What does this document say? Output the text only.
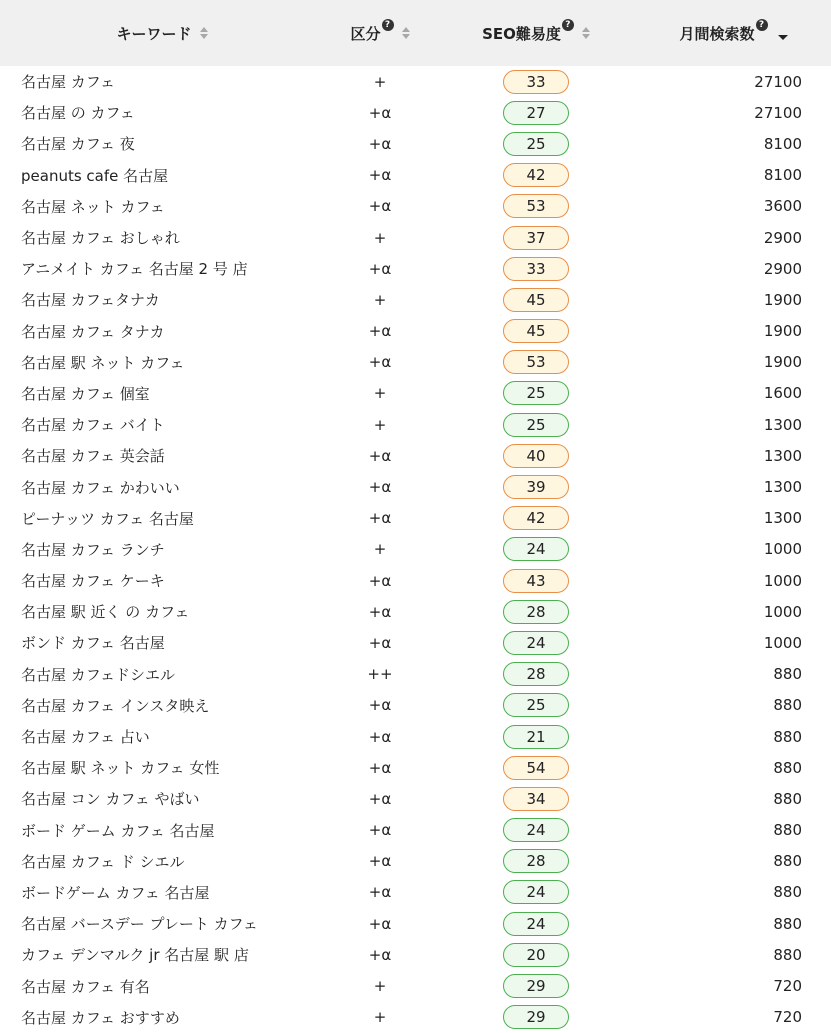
キーワード	区分 ?	SEO難易度 ?	月間検索数 ?
名古屋 カフェ	+	33	27100
名古屋 の カフェ	+α	27	27100
名古屋 カフェ 夜	+α	25	8100
peanuts cafe 名古屋	+α	42	8100
名古屋 ネット カフェ	+α	53	3600
名古屋 カフェ おしゃれ	+	37	2900
アニメイト カフェ 名古屋 2 号 店	+α	33	2900
名古屋 カフェタナカ	+	45	1900
名古屋 カフェ タナカ	+α	45	1900
名古屋 駅 ネット カフェ	+α	53	1900
名古屋 カフェ 個室	+	25	1600
名古屋 カフェ バイト	+	25	1300
名古屋 カフェ 英会話	+α	40	1300
名古屋 カフェ かわいい	+α	39	1300
ピーナッツ カフェ 名古屋	+α	42	1300
名古屋 カフェ ランチ	+	24	1000
名古屋 カフェ ケーキ	+α	43	1000
名古屋 駅 近く の カフェ	+α	28	1000
ボンド カフェ 名古屋	+α	24	1000
名古屋 カフェドシエル	++	28	880
名古屋 カフェ インスタ映え	+α	25	880
名古屋 カフェ 占い	+α	21	880
名古屋 駅 ネット カフェ 女性	+α	54	880
名古屋 コン カフェ やばい	+α	34	880
ボード ゲーム カフェ 名古屋	+α	24	880
名古屋 カフェ ド シエル	+α	28	880
ボードゲーム カフェ 名古屋	+α	24	880
名古屋 バースデー プレート カフェ	+α	24	880
カフェ デンマルク jr 名古屋 駅 店	+α	20	880
名古屋 カフェ 有名	+	29	720
名古屋 カフェ おすすめ	+	29	720
